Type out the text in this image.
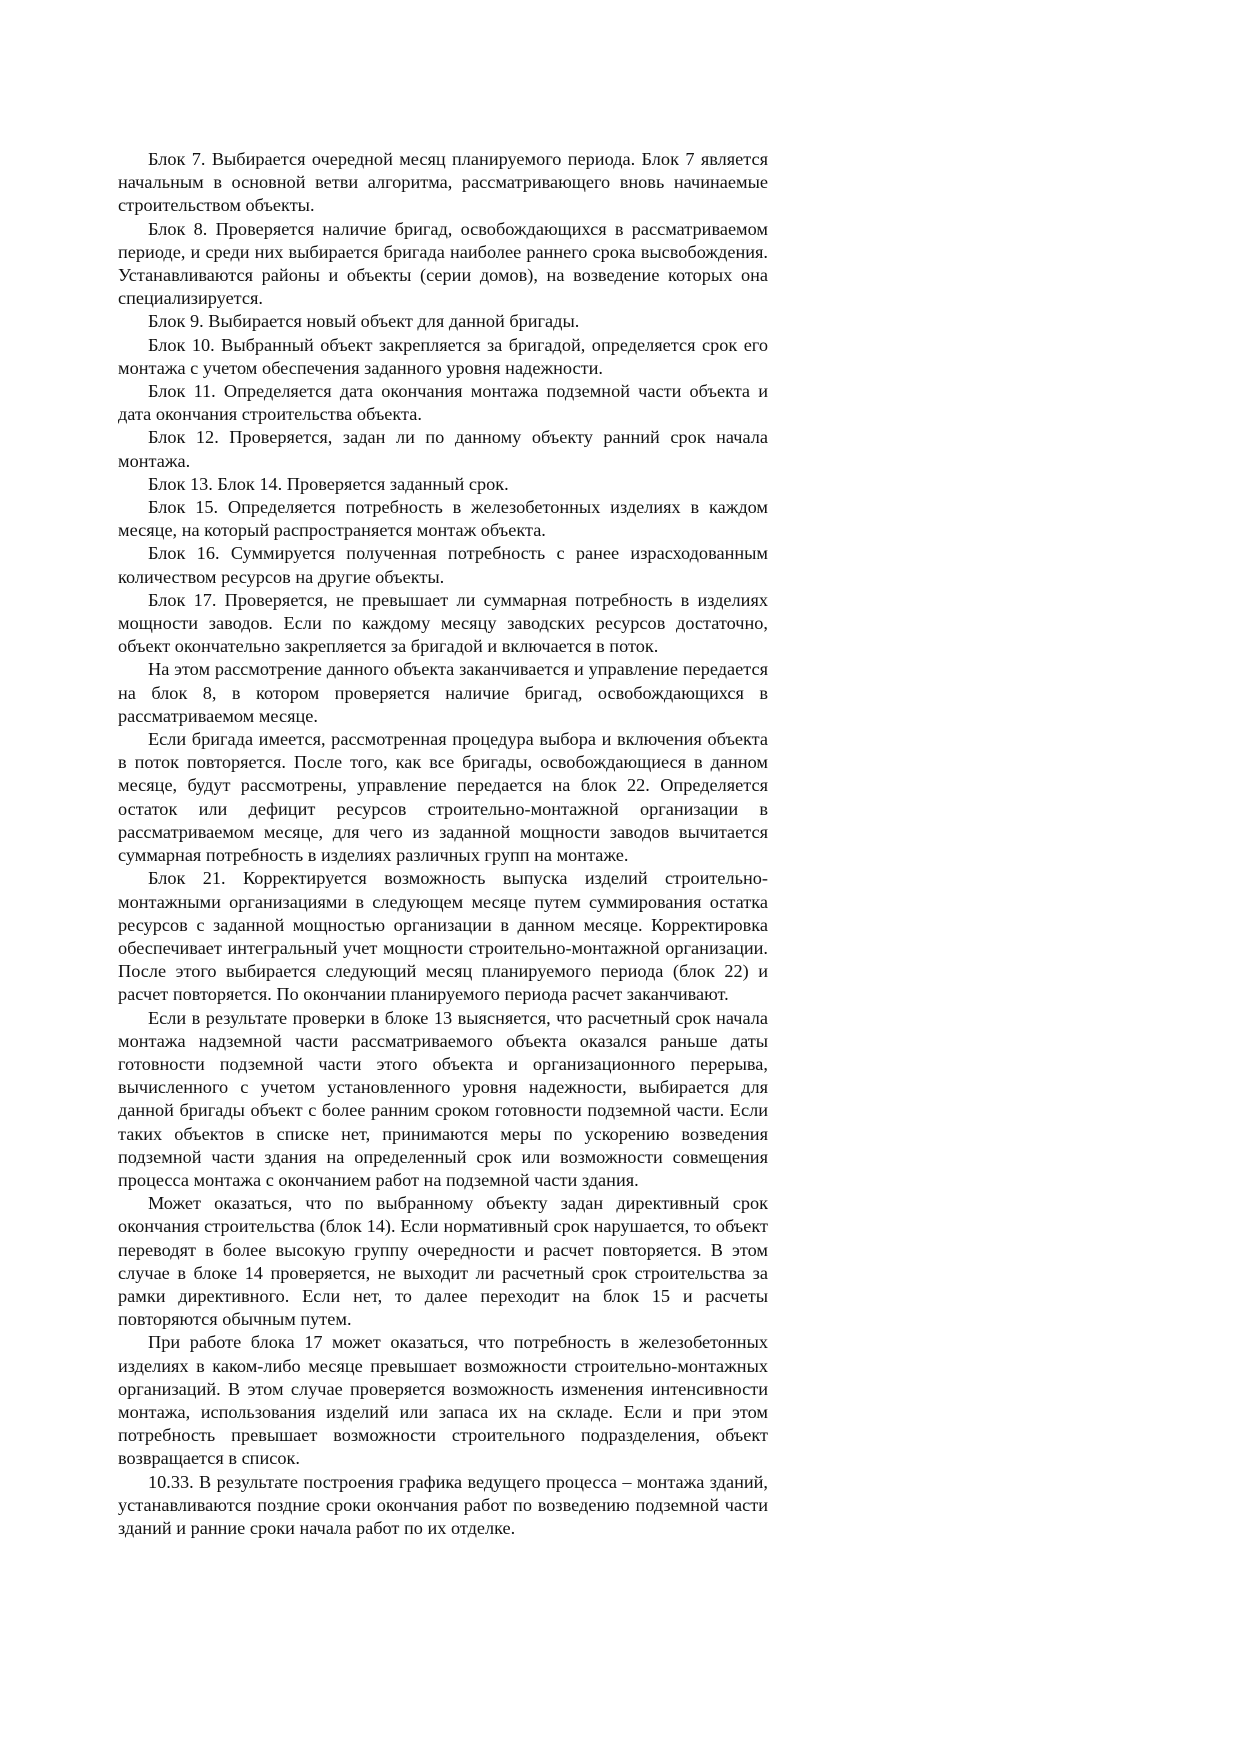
Блок 7. Выбирается очередной месяц планируемого периода. Блок 7 является начальным в основной ветви алгоритма, рассматривающего вновь начинаемые строительством объекты.

Блок 8. Проверяется наличие бригад, освобождающихся в рассматриваемом периоде, и среди них выбирается бригада наиболее раннего срока высвобождения. Устанавливаются районы и объекты (серии домов), на возведение которых она специализируется.

Блок 9. Выбирается новый объект для данной бригады.

Блок 10. Выбранный объект закрепляется за бригадой, определяется срок его монтажа с учетом обеспечения заданного уровня надежности.

Блок 11. Определяется дата окончания монтажа подземной части объекта и дата окончания строительства объекта.

Блок 12. Проверяется, задан ли по данному объекту ранний срок начала монтажа.

Блок 13. Блок 14. Проверяется заданный срок.

Блок 15. Определяется потребность в железобетонных изделиях в каждом месяце, на который распространяется монтаж объекта.

Блок 16. Суммируется полученная потребность с ранее израсходованным количеством ресурсов на другие объекты.

Блок 17. Проверяется, не превышает ли суммарная потребность в изделиях мощности заводов. Если по каждому месяцу заводских ресурсов достаточно, объект окончательно закрепляется за бригадой и включается в поток.

На этом рассмотрение данного объекта заканчивается и управление передается на блок 8, в котором проверяется наличие бригад, освобождающихся в рассматриваемом месяце.

Если бригада имеется, рассмотренная процедура выбора и включения объекта в поток повторяется. После того, как все бригады, освобождающиеся в данном месяце, будут рассмотрены, управление передается на блок 22. Определяется остаток или дефицит ресурсов строительно-монтажной организации в рассматриваемом месяце, для чего из заданной мощности заводов вычитается суммарная потребность в изделиях различных групп на монтаже.

Блок 21. Корректируется возможность выпуска изделий строительно-монтажными организациями в следующем месяце путем суммирования остатка ресурсов с заданной мощностью организации в данном месяце. Корректировка обеспечивает интегральный учет мощности строительно-монтажной организации. После этого выбирается следующий месяц планируемого периода (блок 22) и расчет повторяется. По окончании планируемого периода расчет заканчивают.

Если в результате проверки в блоке 13 выясняется, что расчетный срок начала монтажа надземной части рассматриваемого объекта оказался раньше даты готовности подземной части этого объекта и организационного перерыва, вычисленного с учетом установленного уровня надежности, выбирается для данной бригады объект с более ранним сроком готовности подземной части. Если таких объектов в списке нет, принимаются меры по ускорению возведения подземной части здания на определенный срок или возможности совмещения процесса монтажа с окончанием работ на подземной части здания.

Может оказаться, что по выбранному объекту задан директивный срок окончания строительства (блок 14). Если нормативный срок нарушается, то объект переводят в более высокую группу очередности и расчет повторяется. В этом случае в блоке 14 проверяется, не выходит ли расчетный срок строительства за рамки директивного. Если нет, то далее переходит на блок 15 и расчеты повторяются обычным путем.

При работе блока 17 может оказаться, что потребность в железобетонных изделиях в каком-либо месяце превышает возможности строительно-монтажных организаций. В этом случае проверяется возможность изменения интенсивности монтажа, использования изделий или запаса их на складе. Если и при этом потребность превышает возможности строительного подразделения, объект возвращается в список.

10.33. В результате построения графика ведущего процесса – монтажа зданий, устанавливаются поздние сроки окончания работ по возведению подземной части зданий и ранние сроки начала работ по их отделке.
